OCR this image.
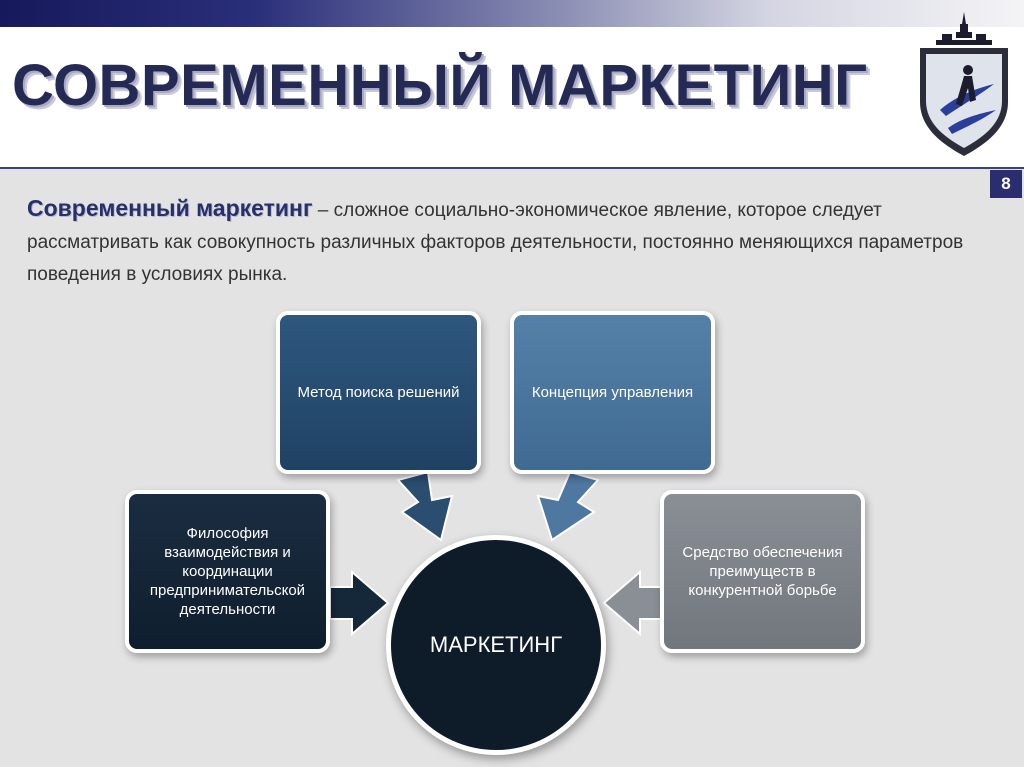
СОВРЕМЕННЫЙ МАРКЕТИНГ
8
Современный маркетинг – сложное социально-экономическое явление, которое следует рассматривать как совокупность различных факторов деятельности, постоянно меняющихся параметров поведения в условиях рынка.
Метод поиска решений	Концепция управления
Философия взаимодействия и координации предпринимательской деятельности
Средство обеспечения преимуществ в конкурентной борьбе
МАРКЕТИНГ
